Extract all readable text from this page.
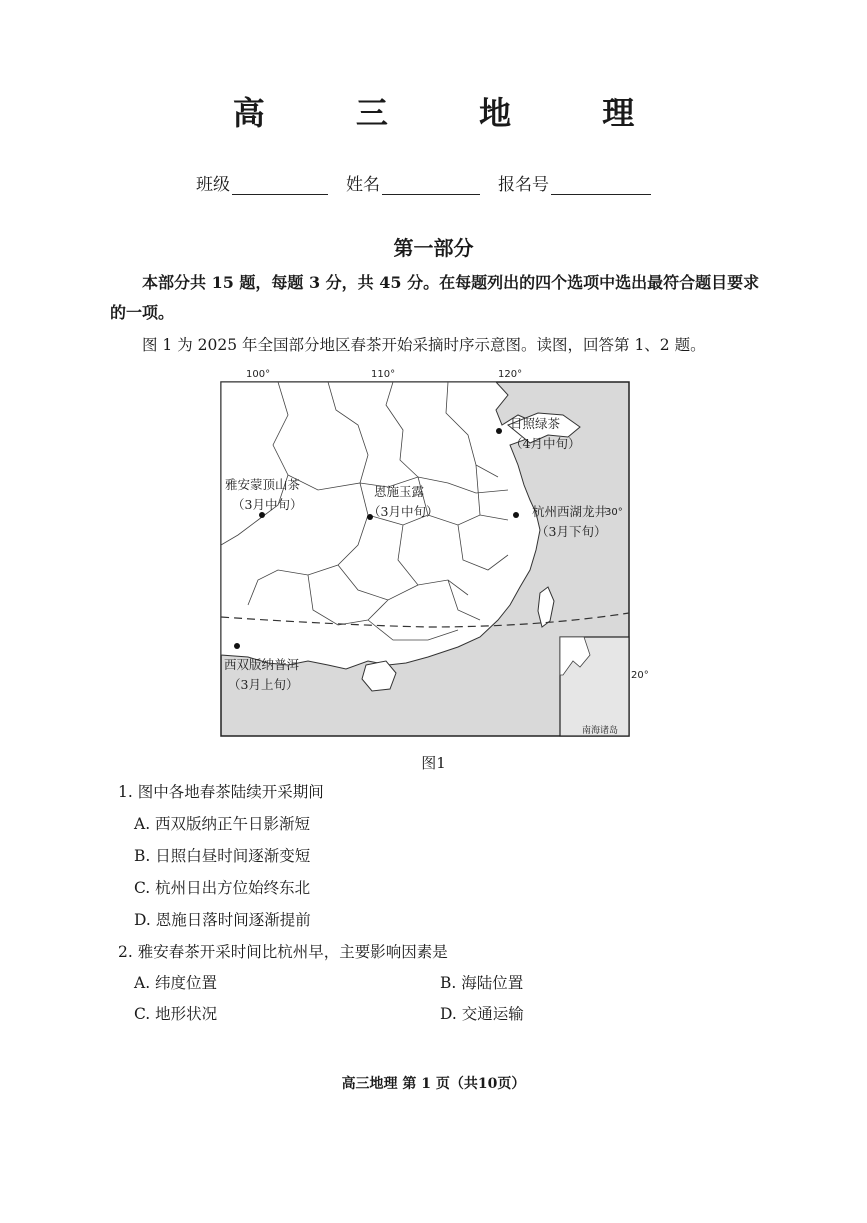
高 三 地 理
班级	姓名	报名号
第一部分
本部分共 15 题，每题 3 分，共 45 分。在每题列出的四个选项中选出最符合题目要求的一项。
图 1 为 2025 年全国部分地区春茶开始采摘时序示意图。读图，回答第 1、2 题。
100°	110°	120°
南海诸岛
30°
20°
日照绿茶
（4月中旬）
雅安蒙顶山茶
（3月中旬）
恩施玉露
（3月中旬）	杭州西湖龙井
（3月下旬）
西双版纳普洱
（3月上旬）
图1
1. 图中各地春茶陆续开采期间
A. 西双版纳正午日影渐短
B. 日照白昼时间逐渐变短
C. 杭州日出方位始终东北
D. 恩施日落时间逐渐提前
2. 雅安春茶开采时间比杭州早，主要影响因素是
A. 纬度位置	B. 海陆位置
C. 地形状况	D. 交通运输
高三地理 第 1 页（共10页）
